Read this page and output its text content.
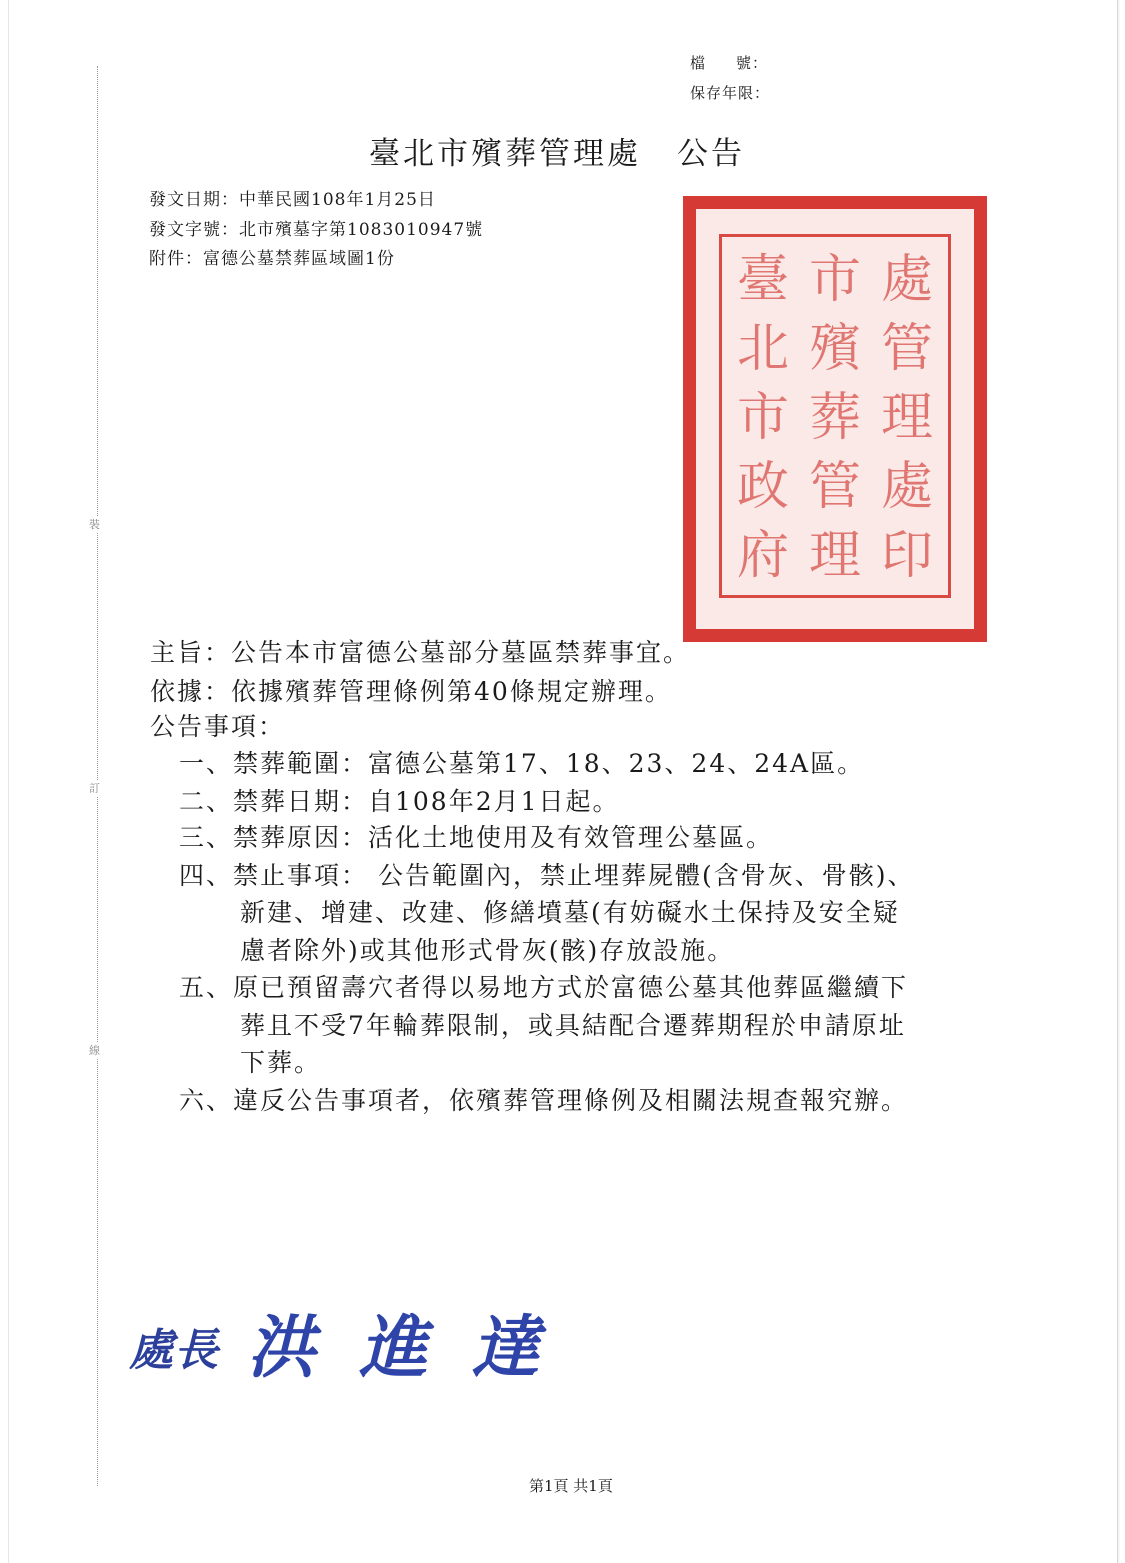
裝
訂
線
檔 號：
保存年限：
臺北市殯葬管理處 公告
發文日期：中華民國108年1月25日
發文字號：北市殯墓字第1083010947號
附件：富德公墓禁葬區域圖1份	臺 市 處
北 殯 管
市 葬 理
政 管 處
府 理 印
主旨：公告本市富德公墓部分墓區禁葬事宜。
依據：依據殯葬管理條例第40條規定辦理。
公告事項：
一、禁葬範圍：富德公墓第17、18、23、24、24A區。
二、禁葬日期：自108年2月1日起。
三、禁葬原因：活化土地使用及有效管理公墓區。
四、禁止事項： 公告範圍內，禁止埋葬屍體(含骨灰、骨骸)、
新建、增建、改建、修繕墳墓(有妨礙水土保持及安全疑
慮者除外)或其他形式骨灰(骸)存放設施。
五、原已預留壽穴者得以易地方式於富德公墓其他葬區繼續下
葬且不受7年輪葬限制，或具結配合遷葬期程於申請原址
下葬。
六、違反公告事項者，依殯葬管理條例及相關法規查報究辦。
處長 洪進達
第1頁 共1頁
